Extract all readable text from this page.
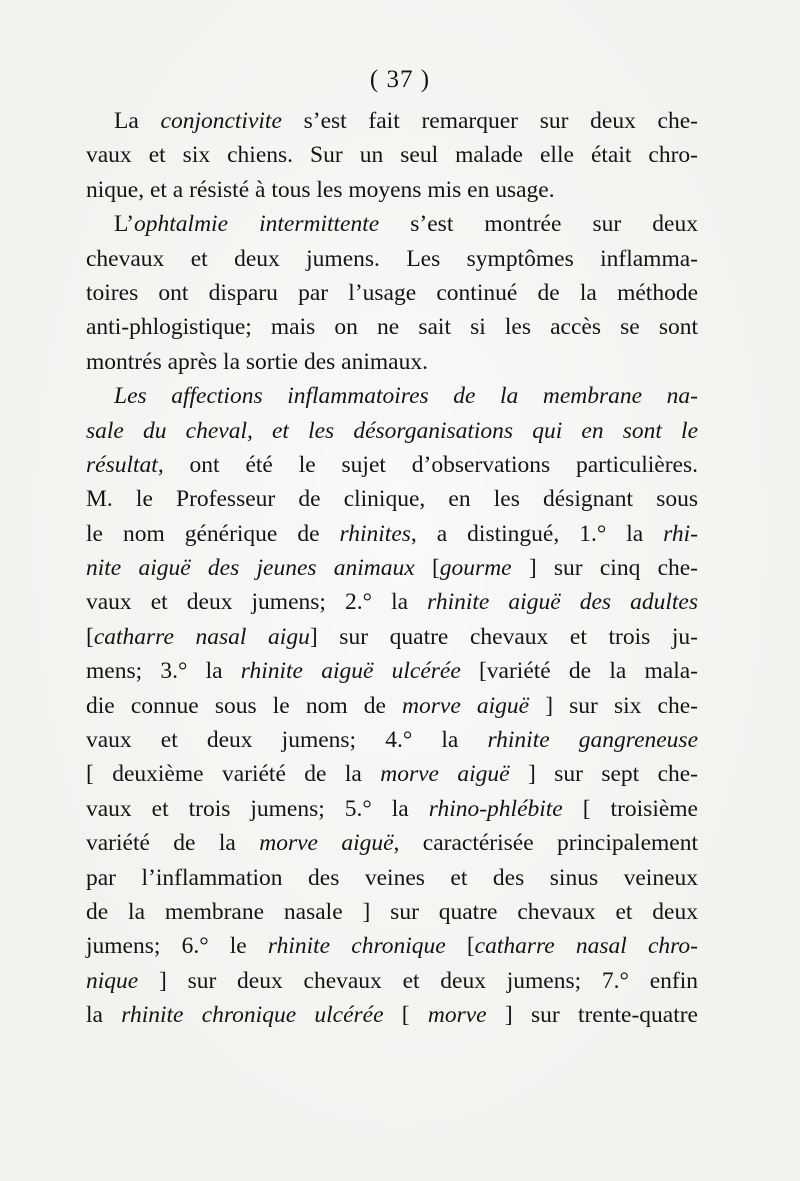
( 37 )
La conjonctivite s’est fait remarquer sur deux che-
vaux et six chiens. Sur un seul malade elle était chro-
nique, et a résisté à tous les moyens mis en usage.
L’ophtalmie intermittente s’est montrée sur deux
chevaux et deux jumens. Les symptômes inflamma-
toires ont disparu par l’usage continué de la méthode
anti-phlogistique; mais on ne sait si les accès se sont
montrés après la sortie des animaux.
Les affections inflammatoires de la membrane na-
sale du cheval, et les désorganisations qui en sont le
résultat, ont été le sujet d’observations particulières.
M. le Professeur de clinique, en les désignant sous
le nom générique de rhinites, a distingué, 1.° la rhi-
nite aiguë des jeunes animaux [gourme ] sur cinq che-
vaux et deux jumens; 2.° la rhinite aiguë des adultes
[catharre nasal aigu] sur quatre chevaux et trois ju-
mens; 3.° la rhinite aiguë ulcérée [variété de la mala-
die connue sous le nom de morve aiguë ] sur six che-
vaux et deux jumens; 4.° la rhinite gangreneuse
[ deuxième variété de la morve aiguë ] sur sept che-
vaux et trois jumens; 5.° la rhino-phlébite [ troisième
variété de la morve aiguë, caractérisée principalement
par l’inflammation des veines et des sinus veineux
de la membrane nasale ] sur quatre chevaux et deux
jumens; 6.° le rhinite chronique [catharre nasal chro-
nique ] sur deux chevaux et deux jumens; 7.° enfin
la rhinite chronique ulcérée [ morve ] sur trente-quatre
